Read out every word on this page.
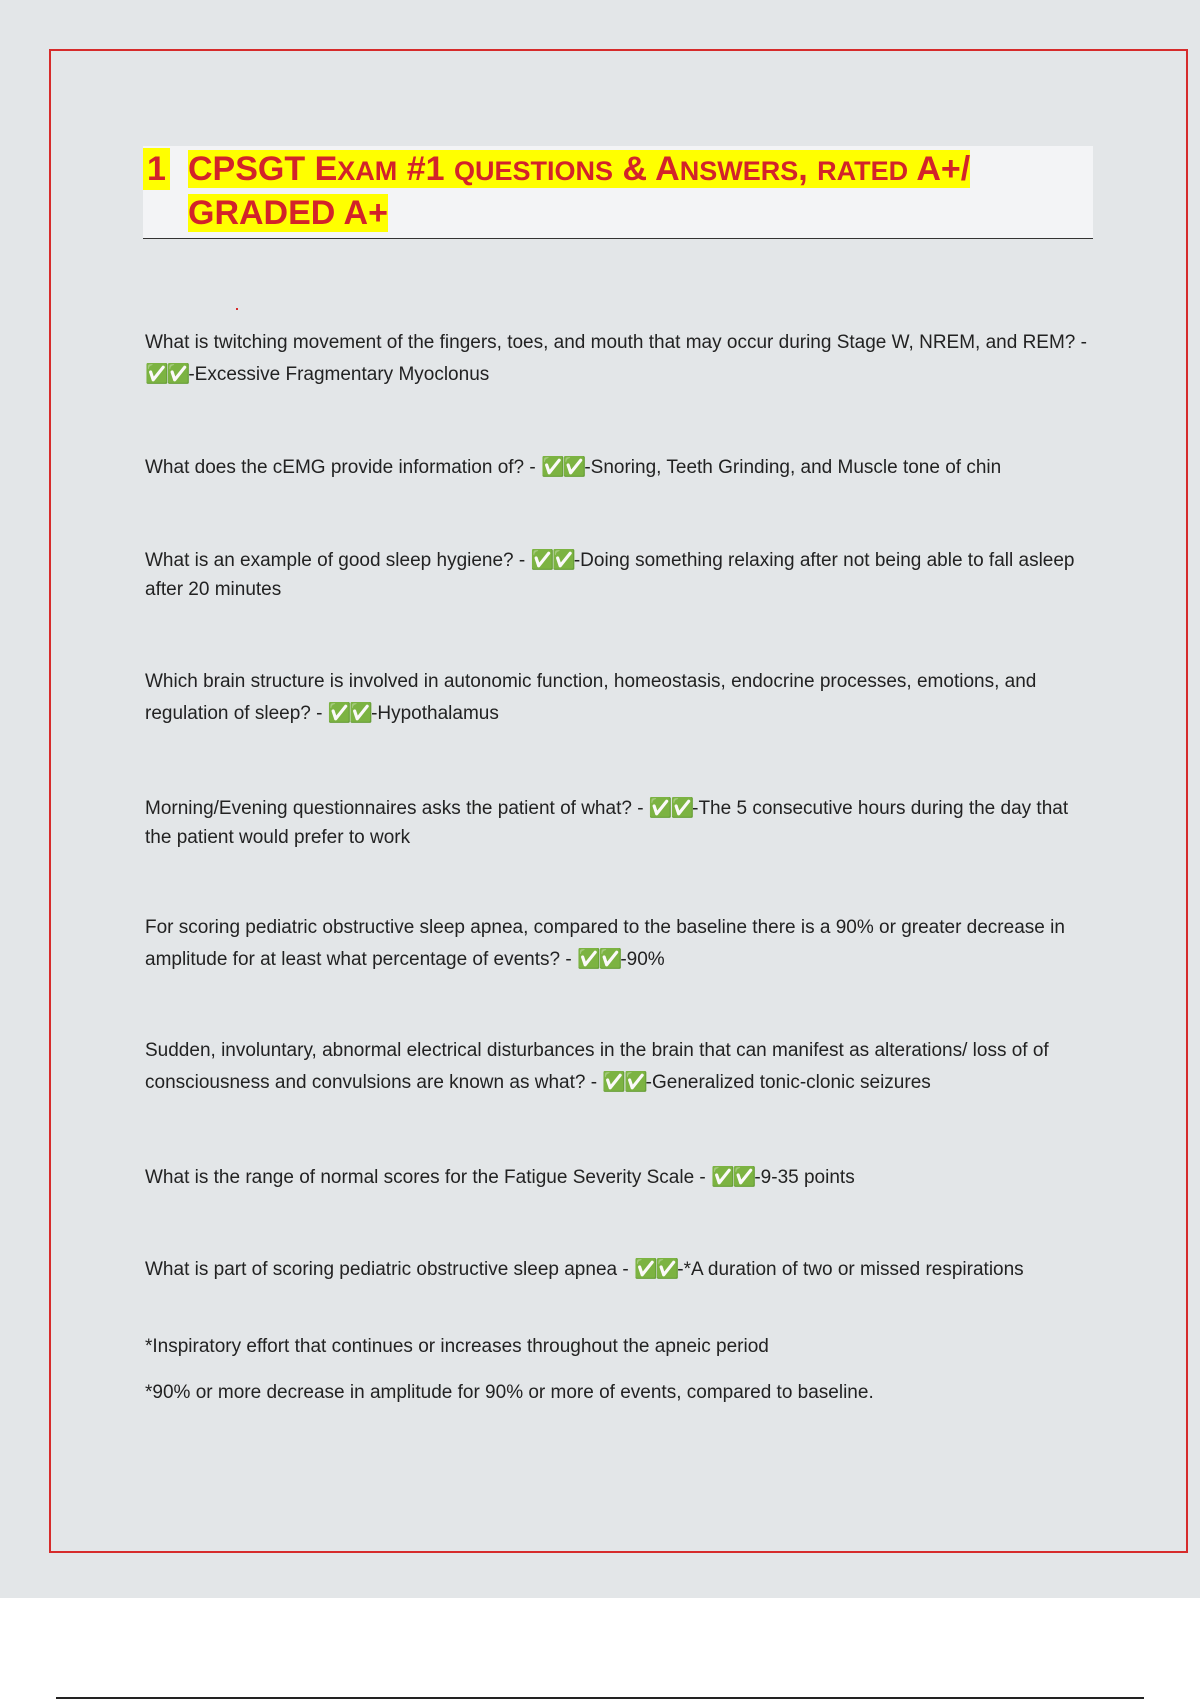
1 CPSGT EXAM #1 QUESTIONS & ANSWERS, RATED A+/
GRADED A+
What is twitching movement of the fingers, toes, and mouth that may occur during Stage W, NREM, and REM? - ✅✅-Excessive Fragmentary Myoclonus
What does the cEMG provide information of? - ✅✅-Snoring, Teeth Grinding, and Muscle tone of chin
What is an example of good sleep hygiene? - ✅✅-Doing something relaxing after not being able to fall asleep after 20 minutes
Which brain structure is involved in autonomic function, homeostasis, endocrine processes, emotions, and regulation of sleep? - ✅✅-Hypothalamus
Morning/Evening questionnaires asks the patient of what? - ✅✅-The 5 consecutive hours during the day that the patient would prefer to work
For scoring pediatric obstructive sleep apnea, compared to the baseline there is a 90% or greater decrease in amplitude for at least what percentage of events? - ✅✅-90%
Sudden, involuntary, abnormal electrical disturbances in the brain that can manifest as alterations/ loss of of consciousness and convulsions are known as what? - ✅✅-Generalized tonic-clonic seizures
What is the range of normal scores for the Fatigue Severity Scale - ✅✅-9-35 points
What is part of scoring pediatric obstructive sleep apnea - ✅✅-*A duration of two or missed respirations
*Inspiratory effort that continues or increases throughout the apneic period
*90% or more decrease in amplitude for 90% or more of events, compared to baseline.
